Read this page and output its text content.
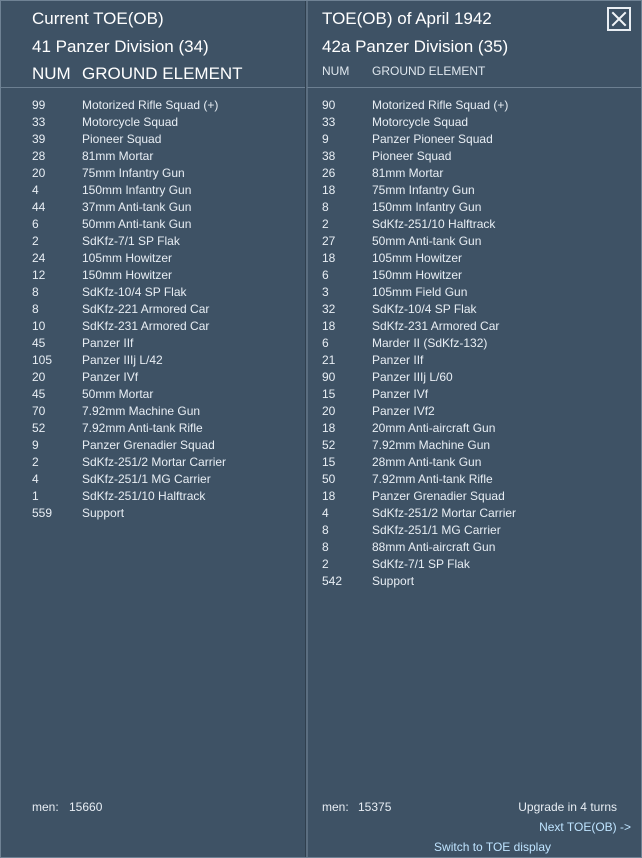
Current TOE(OB)
41 Panzer Division (34)
NUM GROUND ELEMENT
99	Motorized Rifle Squad (+)
33	Motorcycle Squad
39	Pioneer Squad
28	81mm Mortar
20	75mm Infantry Gun
4	150mm Infantry Gun
44	37mm Anti-tank Gun
6	50mm Anti-tank Gun
2	SdKfz-7/1 SP Flak
24	105mm Howitzer
12	150mm Howitzer
8	SdKfz-10/4 SP Flak
8	SdKfz-221 Armored Car
10	SdKfz-231 Armored Car
45	Panzer IIf
105	Panzer IIIj L/42
20	Panzer IVf
45	50mm Mortar
70	7.92mm Machine Gun
52	7.92mm Anti-tank Rifle
9	Panzer Grenadier Squad
2	SdKfz-251/2 Mortar Carrier
4	SdKfz-251/1 MG Carrier
1	SdKfz-251/10 Halftrack
559	Support
men: 15660
TOE(OB) of April 1942
42a Panzer Division (35)
NUM GROUND ELEMENT
90	Motorized Rifle Squad (+)
33	Motorcycle Squad
9	Panzer Pioneer Squad
38	Pioneer Squad
26	81mm Mortar
18	75mm Infantry Gun
8	150mm Infantry Gun
2	SdKfz-251/10 Halftrack
27	50mm Anti-tank Gun
18	105mm Howitzer
6	150mm Howitzer
3	105mm Field Gun
32	SdKfz-10/4 SP Flak
18	SdKfz-231 Armored Car
6	Marder II (SdKfz-132)
21	Panzer IIf
90	Panzer IIIj L/60
15	Panzer IVf
20	Panzer IVf2
18	20mm Anti-aircraft Gun
52	7.92mm Machine Gun
15	28mm Anti-tank Gun
50	7.92mm Anti-tank Rifle
18	Panzer Grenadier Squad
4	SdKfz-251/2 Mortar Carrier
8	SdKfz-251/1 MG Carrier
8	88mm Anti-aircraft Gun
2	SdKfz-7/1 SP Flak
542	Support
men: 15375	Upgrade in 4 turns
Next TOE(OB) ->
Switch to TOE display
